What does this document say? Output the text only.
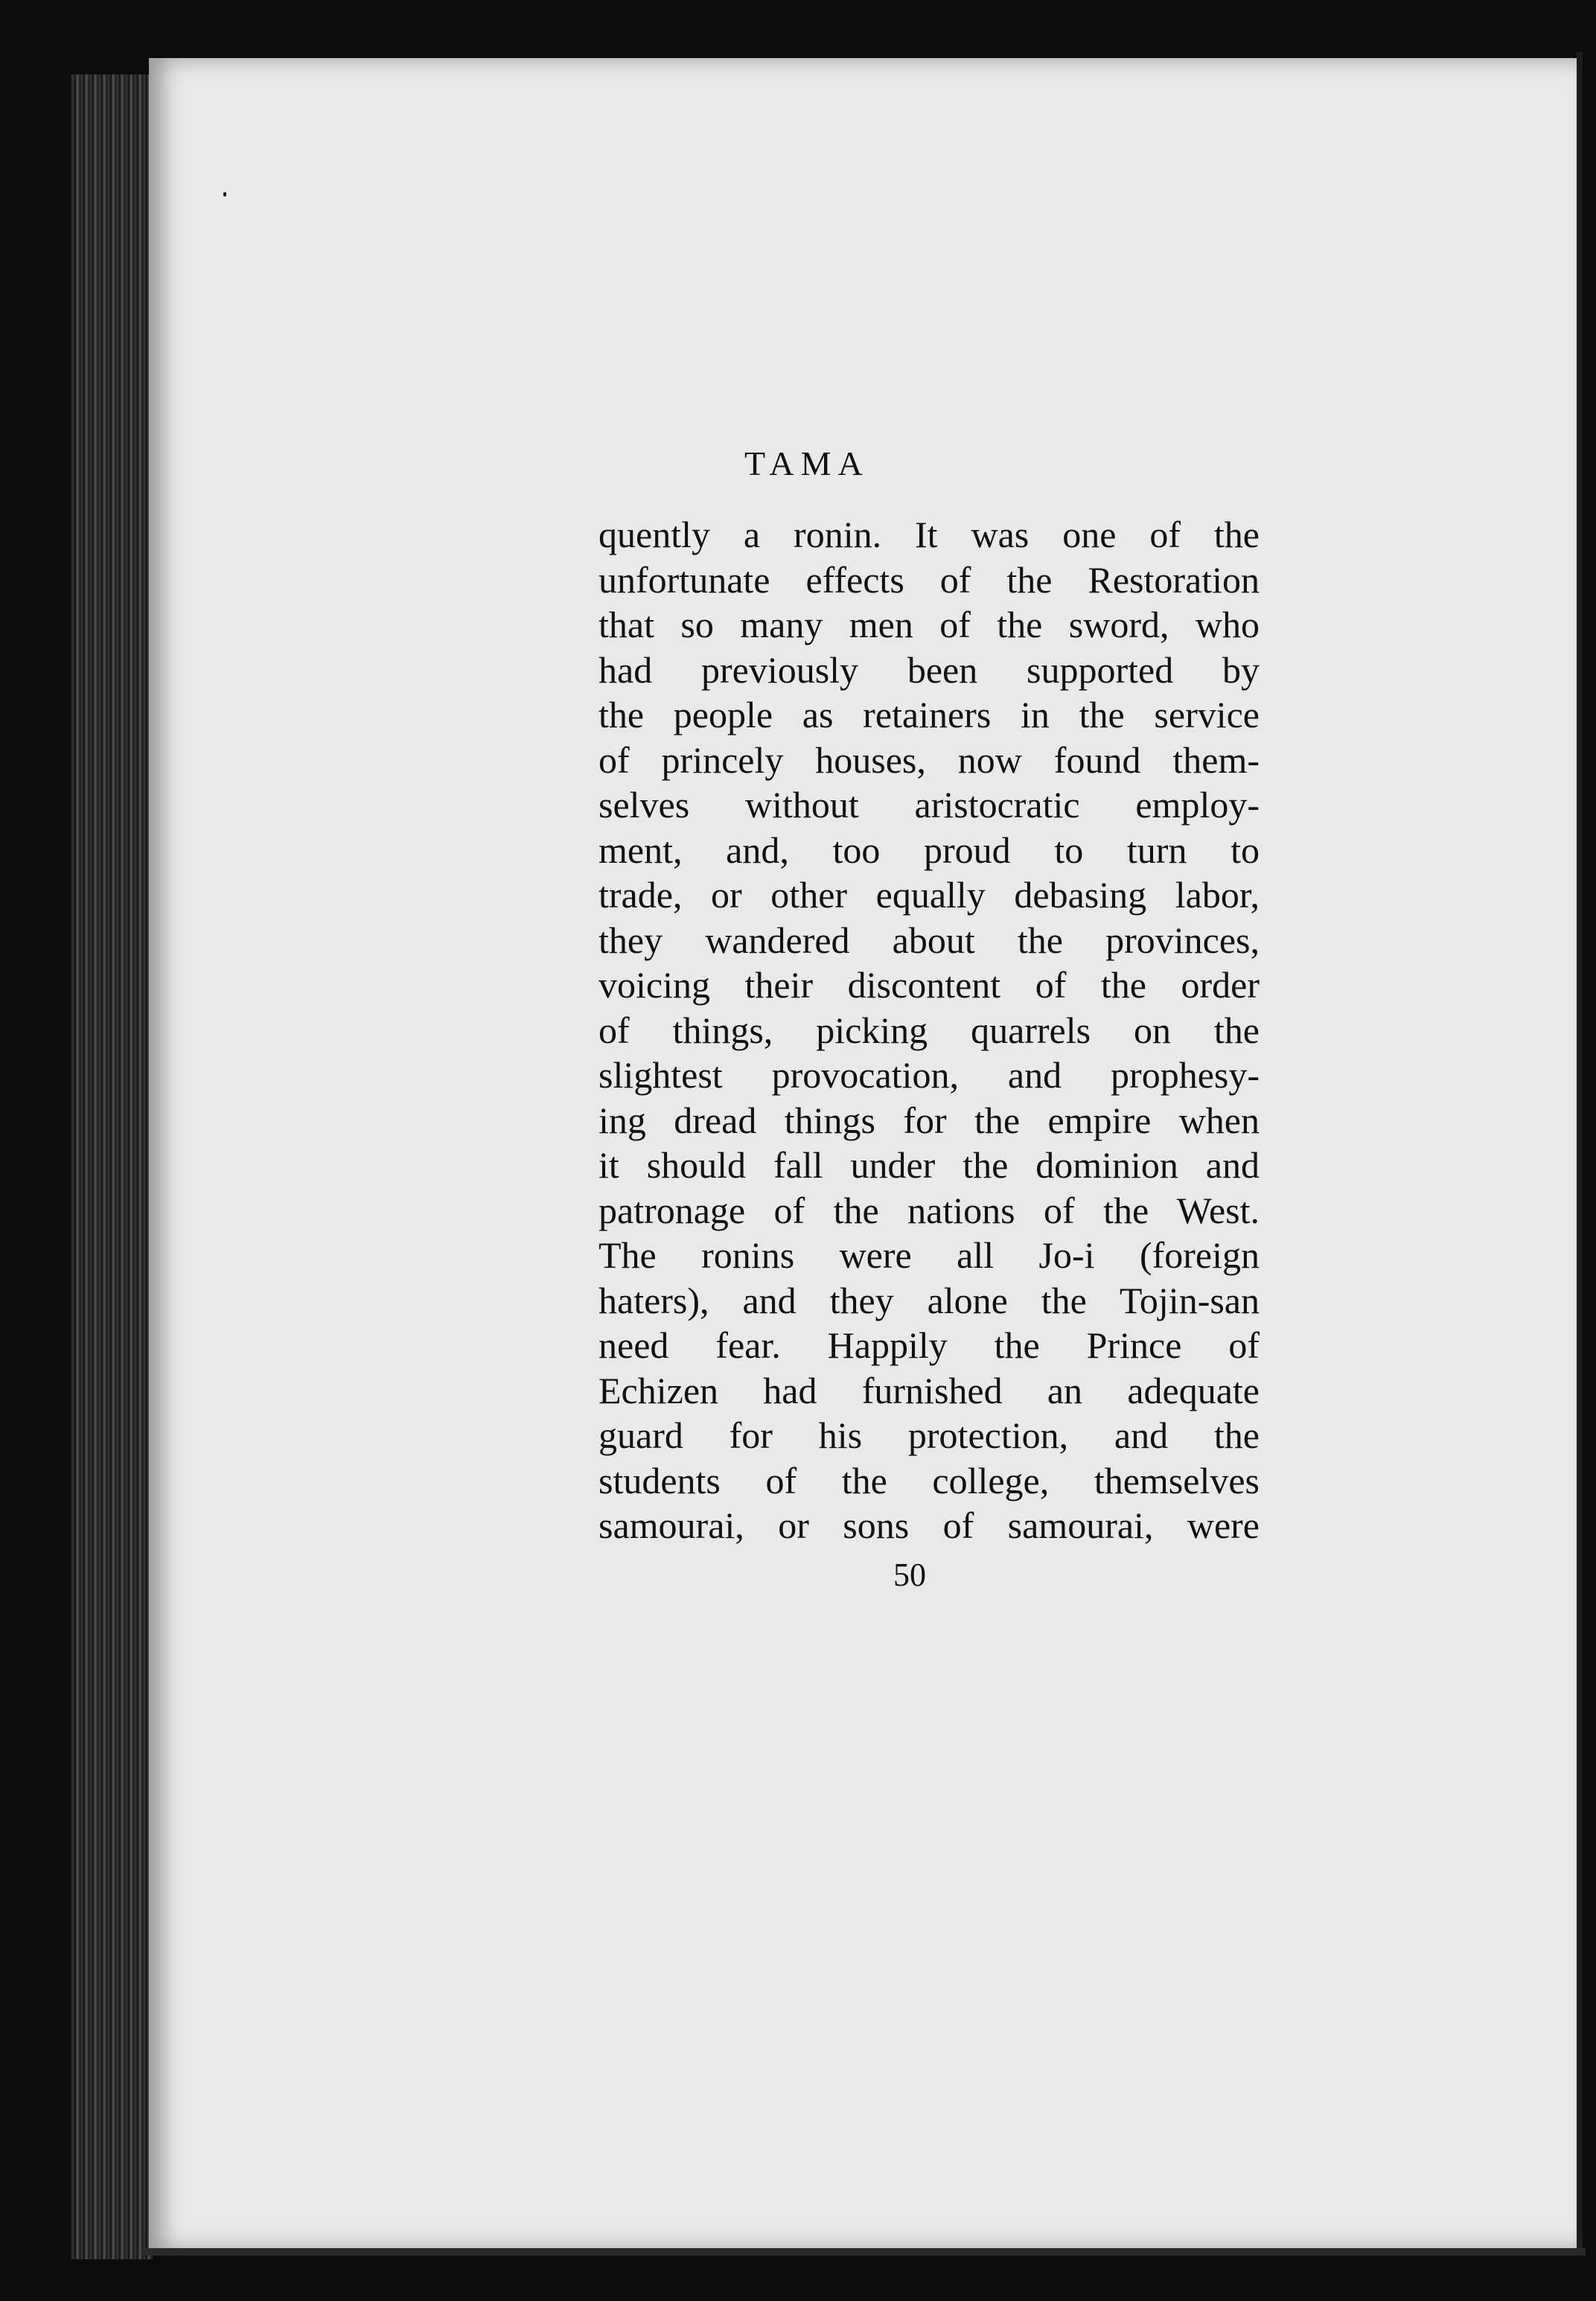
TAMA
quently a ronin. It was one of the
unfortunate effects of the Restoration
that so many men of the sword, who
had previously been supported by
the people as retainers in the service
of princely houses, now found them-
selves without aristocratic employ-
ment, and, too proud to turn to
trade, or other equally debasing labor,
they wandered about the provinces,
voicing their discontent of the order
of things, picking quarrels on the
slightest provocation, and prophesy-
ing dread things for the empire when
it should fall under the dominion and
patronage of the nations of the West.
The ronins were all Jo-i (foreign
haters), and they alone the Tojin-san
need fear. Happily the Prince of
Echizen had furnished an adequate
guard for his protection, and the
students of the college, themselves
samourai, or sons of samourai, were
50
